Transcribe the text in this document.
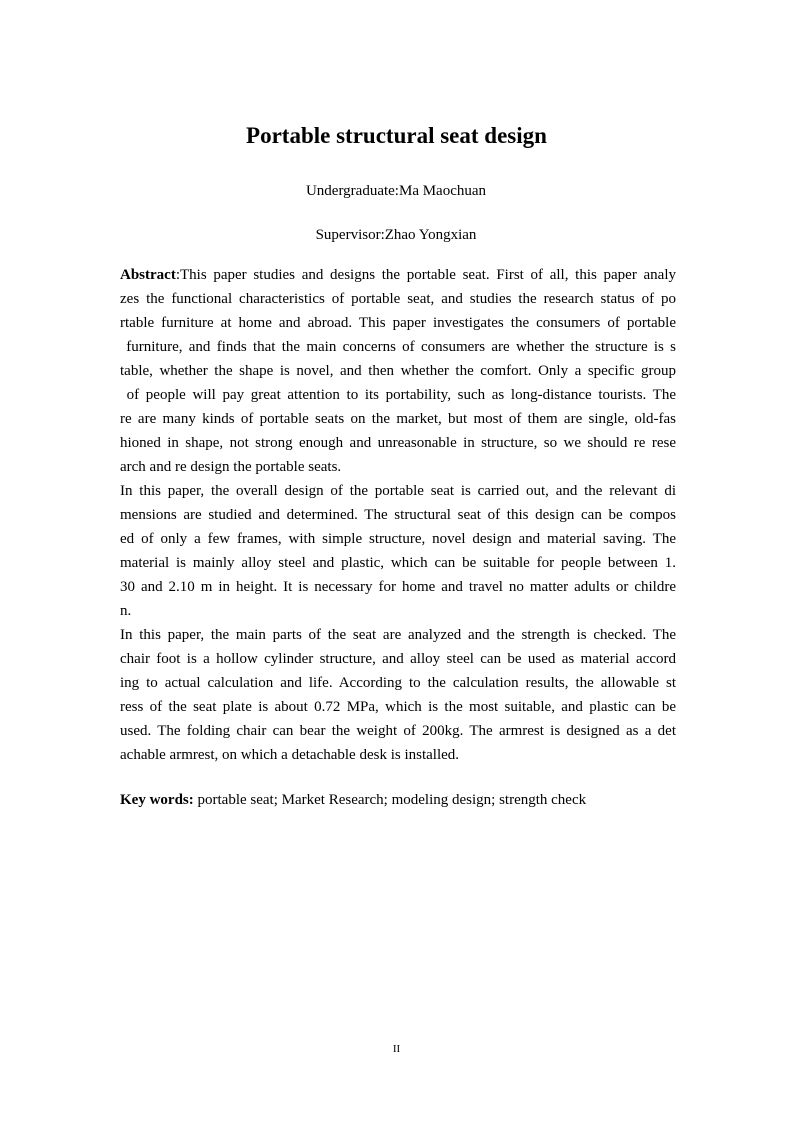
Portable structural seat design
Undergraduate:Ma Maochuan
Supervisor:Zhao Yongxian
Abstract:This paper studies and designs the portable seat. First of all, this paper analy
zes the functional characteristics of portable seat, and studies the research status of po
rtable furniture at home and abroad. This paper investigates the consumers of portable
furniture, and finds that the main concerns of consumers are whether the structure is s
table, whether the shape is novel, and then whether the comfort. Only a specific group
of people will pay great attention to its portability, such as long-distance tourists. The
re are many kinds of portable seats on the market, but most of them are single, old-fas
hioned in shape, not strong enough and unreasonable in structure, so we should re rese
arch and re design the portable seats.
In this paper, the overall design of the portable seat is carried out, and the relevant di
mensions are studied and determined. The structural seat of this design can be compos
ed of only a few frames, with simple structure, novel design and material saving. The
material is mainly alloy steel and plastic, which can be suitable for people between 1.
30 and 2.10 m in height. It is necessary for home and travel no matter adults or childre
n.
In this paper, the main parts of the seat are analyzed and the strength is checked. The
chair foot is a hollow cylinder structure, and alloy steel can be used as material accord
ing to actual calculation and life. According to the calculation results, the allowable st
ress of the seat plate is about 0.72 MPa, which is the most suitable, and plastic can be
used. The folding chair can bear the weight of 200kg. The armrest is designed as a det
achable armrest, on which a detachable desk is installed.
Key words: portable seat; Market Research; modeling design; strength check
II
